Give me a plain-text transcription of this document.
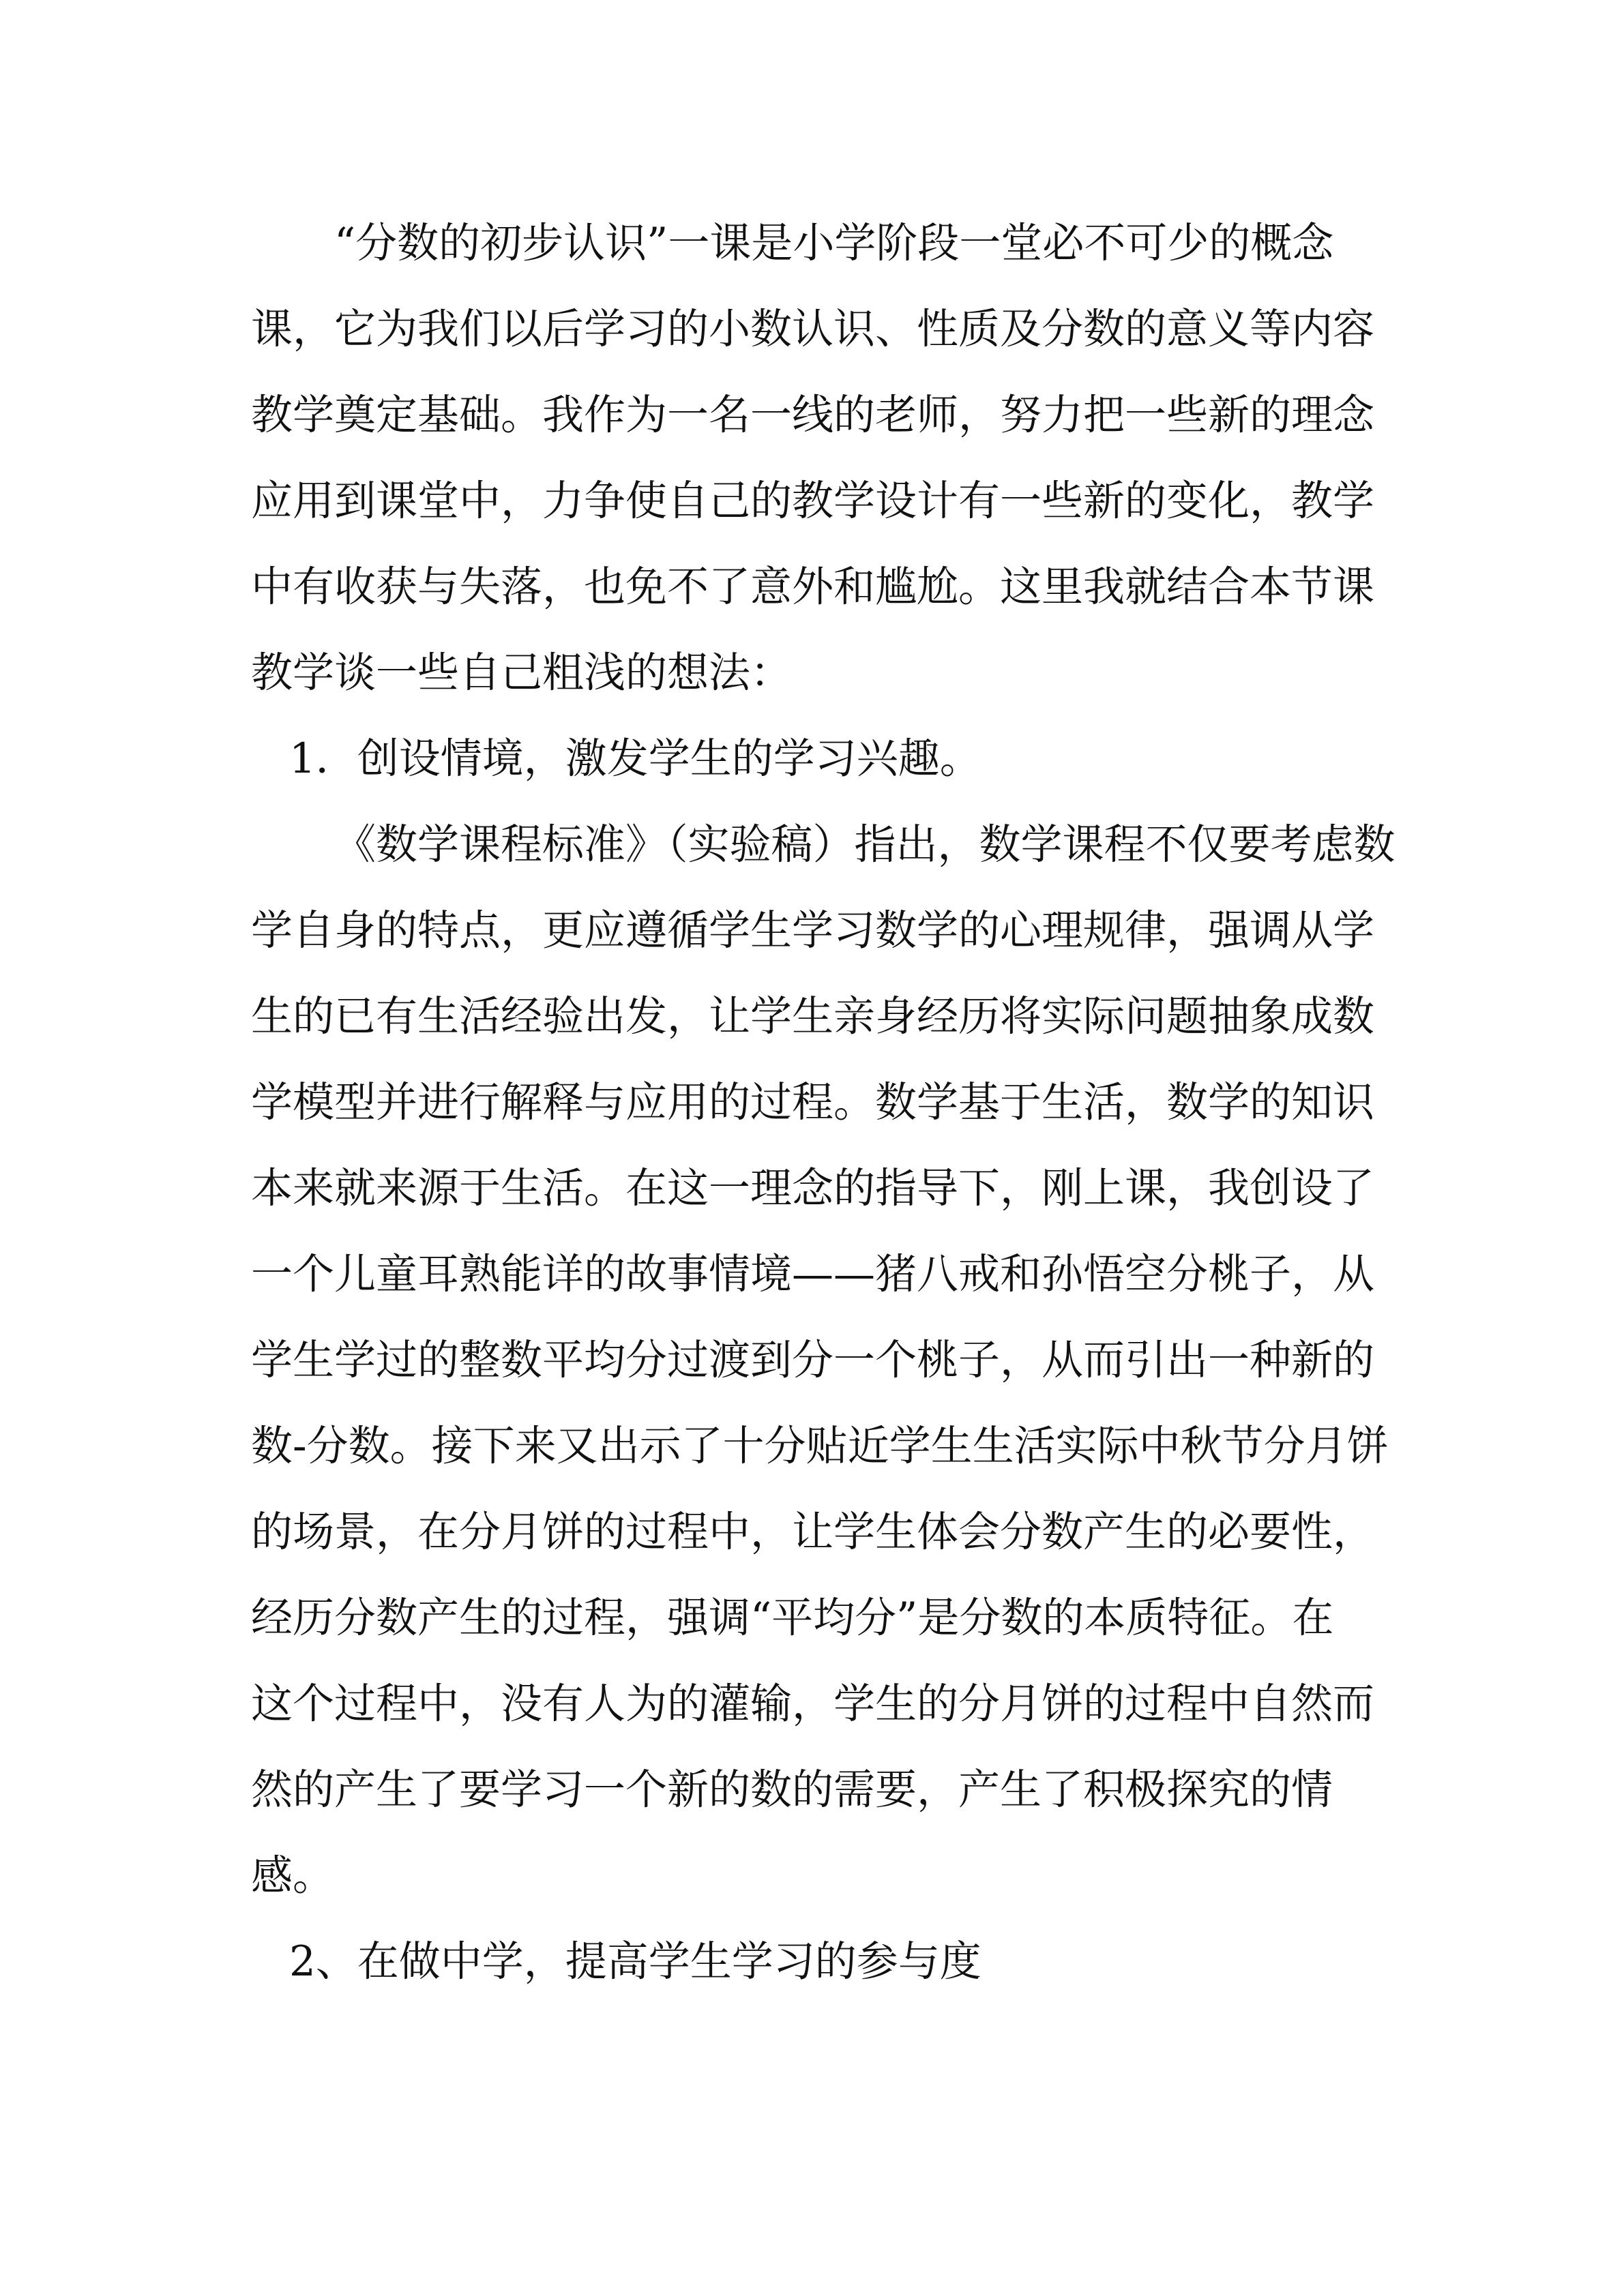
“分数的初步认识”一课是小学阶段一堂必不可少的概念
课，它为我们以后学习的小数认识、性质及分数的意义等内容
教学奠定基础。我作为一名一线的老师，努力把一些新的理念
应用到课堂中，力争使自己的教学设计有一些新的变化，教学
中有收获与失落，也免不了意外和尴尬。这里我就结合本节课
教学谈一些自己粗浅的想法：
1．创设情境，激发学生的学习兴趣。
《数学课程标准》（实验稿）指出，数学课程不仅要考虑数
学自身的特点，更应遵循学生学习数学的心理规律，强调从学
生的已有生活经验出发，让学生亲身经历将实际问题抽象成数
学模型并进行解释与应用的过程。数学基于生活，数学的知识
本来就来源于生活。在这一理念的指导下，刚上课，我创设了
一个儿童耳熟能详的故事情境——猪八戒和孙悟空分桃子，从
学生学过的整数平均分过渡到分一个桃子，从而引出一种新的
数-分数。接下来又出示了十分贴近学生生活实际中秋节分月饼
的场景，在分月饼的过程中，让学生体会分数产生的必要性，
经历分数产生的过程，强调“平均分”是分数的本质特征。在
这个过程中，没有人为的灌输，学生的分月饼的过程中自然而
然的产生了要学习一个新的数的需要，产生了积极探究的情
感。
2、在做中学，提高学生学习的参与度
